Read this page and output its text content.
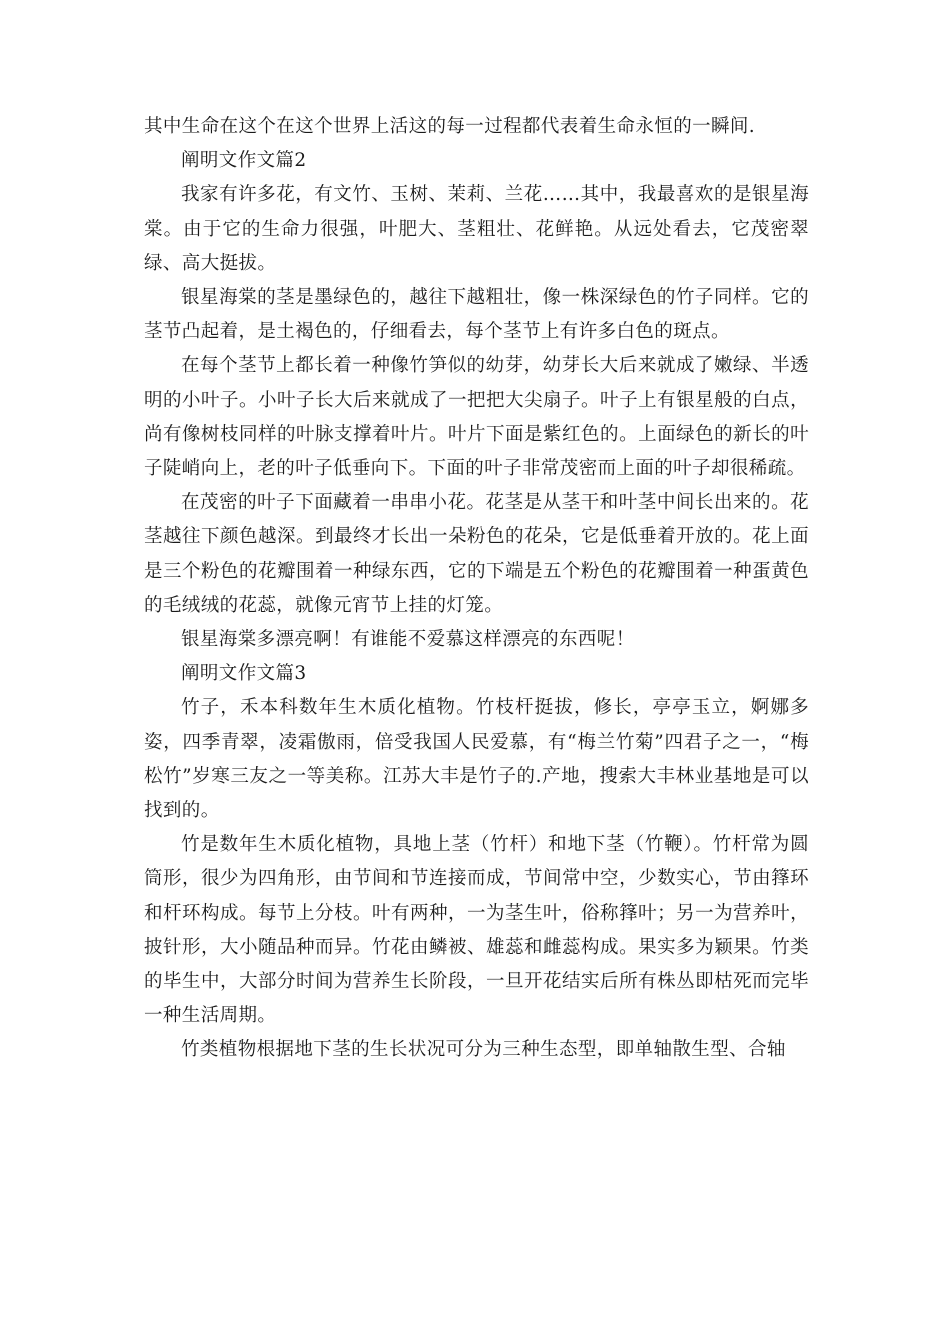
其中生命在这个在这个世界上活这的每一过程都代表着生命永恒的一瞬间.

阐明文作文篇2

我家有许多花，有文竹、玉树、茉莉、兰花……其中，我最喜欢的是银星海棠。由于它的生命力很强，叶肥大、茎粗壮、花鲜艳。从远处看去，它茂密翠绿、高大挺拔。

银星海棠的茎是墨绿色的，越往下越粗壮，像一株深绿色的竹子同样。它的茎节凸起着，是土褐色的，仔细看去，每个茎节上有许多白色的斑点。

在每个茎节上都长着一种像竹笋似的幼芽，幼芽长大后来就成了嫩绿、半透明的小叶子。小叶子长大后来就成了一把把大尖扇子。叶子上有银星般的白点，尚有像树枝同样的叶脉支撑着叶片。叶片下面是紫红色的。上面绿色的新长的叶子陡峭向上，老的叶子低垂向下。下面的叶子非常茂密而上面的叶子却很稀疏。

在茂密的叶子下面藏着一串串小花。花茎是从茎干和叶茎中间长出来的。花茎越往下颜色越深。到最终才长出一朵粉色的花朵，它是低垂着开放的。花上面是三个粉色的花瓣围着一种绿东西，它的下端是五个粉色的花瓣围着一种蛋黄色的毛绒绒的花蕊，就像元宵节上挂的灯笼。

银星海棠多漂亮啊！有谁能不爱慕这样漂亮的东西呢！

阐明文作文篇3

竹子，禾本科数年生木质化植物。竹枝杆挺拔，修长，亭亭玉立，婀娜多姿，四季青翠，凌霜傲雨，倍受我国人民爱慕，有“梅兰竹菊”四君子之一，“梅松竹”岁寒三友之一等美称。江苏大丰是竹子的.产地，搜索大丰林业基地是可以找到的。

竹是数年生木质化植物，具地上茎（竹杆）和地下茎（竹鞭）。竹杆常为圆筒形，很少为四角形，由节间和节连接而成，节间常中空，少数实心，节由箨环和杆环构成。每节上分枝。叶有两种，一为茎生叶，俗称箨叶；另一为营养叶，披针形，大小随品种而异。竹花由鳞被、雄蕊和雌蕊构成。果实多为颖果。竹类的毕生中，大部分时间为营养生长阶段，一旦开花结实后所有株丛即枯死而完毕一种生活周期。

竹类植物根据地下茎的生长状况可分为三种生态型，即单轴散生型、合轴
